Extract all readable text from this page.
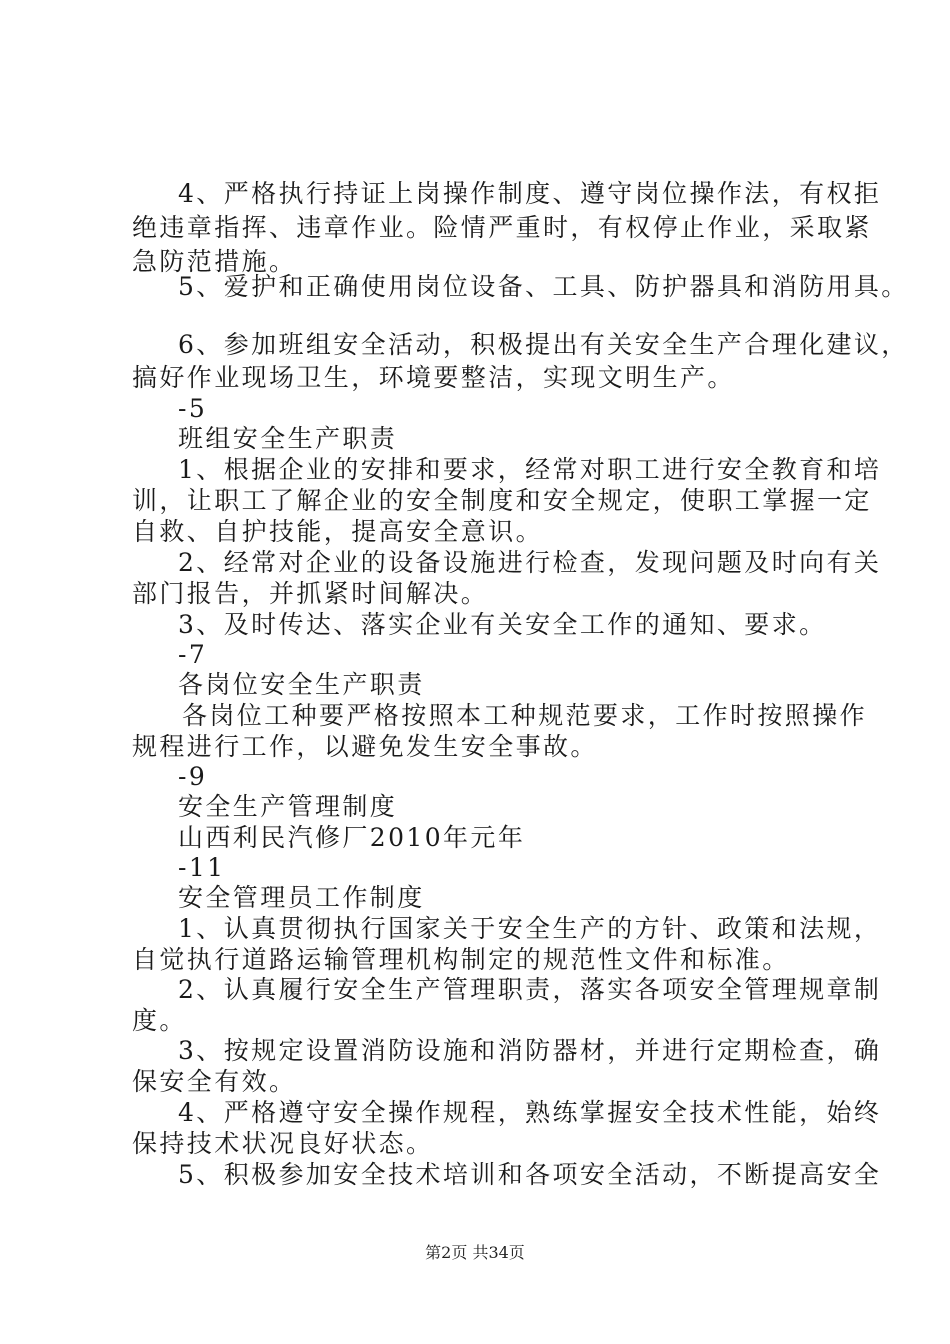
4、严格执行持证上岗操作制度、遵守岗位操作法，有权拒
绝违章指挥、违章作业。险情严重时，有权停止作业，采取紧
急防范措施。
5、爱护和正确使用岗位设备、工具、防护器具和消防用具。
6、参加班组安全活动，积极提出有关安全生产合理化建议，
搞好作业现场卫生，环境要整洁，实现文明生产。
-5
班组安全生产职责
1、根据企业的安排和要求，经常对职工进行安全教育和培
训，让职工了解企业的安全制度和安全规定，使职工掌握一定
自救、自护技能，提高安全意识。
2、经常对企业的设备设施进行检查，发现问题及时向有关
部门报告，并抓紧时间解决。
3、及时传达、落实企业有关安全工作的通知、要求。
-7
各岗位安全生产职责
各岗位工种要严格按照本工种规范要求，工作时按照操作
规程进行工作，以避免发生安全事故。
-9
安全生产管理制度
山西利民汽修厂2010年元年
-11
安全管理员工作制度
1、认真贯彻执行国家关于安全生产的方针、政策和法规，
自觉执行道路运输管理机构制定的规范性文件和标准。
2、认真履行安全生产管理职责，落实各项安全管理规章制
度。
3、按规定设置消防设施和消防器材，并进行定期检查，确
保安全有效。
4、严格遵守安全操作规程，熟练掌握安全技术性能，始终
保持技术状况良好状态。
5、积极参加安全技术培训和各项安全活动，不断提高安全
第2页 共34页
